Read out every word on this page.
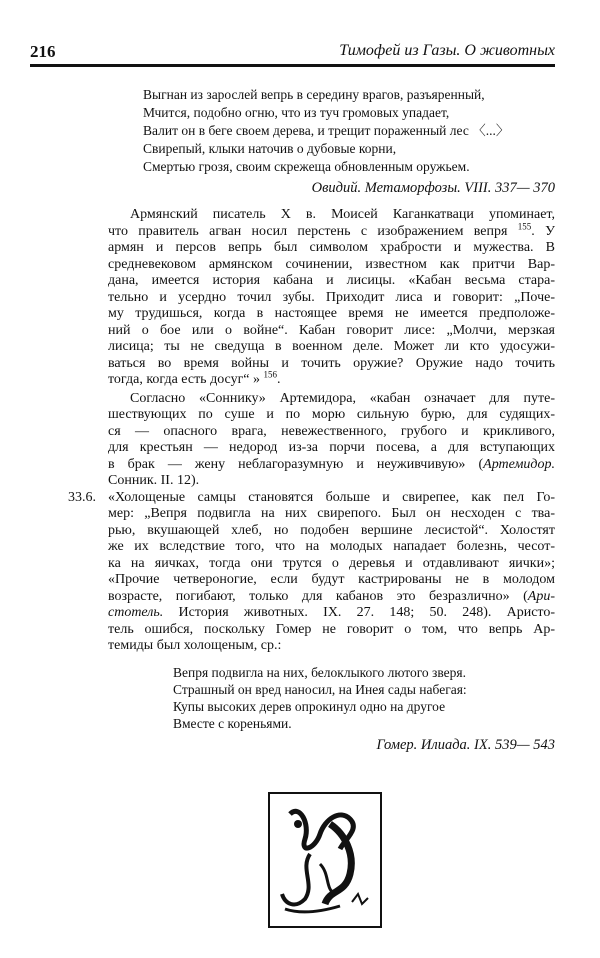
216	Тимофей из Газы. О животных
Выгнан из зарослей вепрь в середину врагов, разъяренный,
Мчится, подобно огню, что из туч громовых упадает,
Валит он в беге своем дерева, и трещит пораженный лес 〈...〉
Свирепый, клыки наточив о дубовые корни,
Смертью грозя, своим скрежеща обновленным оружьем.
Овидий. Метаморфозы. VIII. 337— 370
Армянский писатель X в. Моисей Каганкатваци упоминает,
что правитель агван носил перстень с изображением вепря $^{155}$. У
армян и персов вепрь был символом храбрости и мужества. В
средневековом армянском сочинении, известном как притчи Вар-
дана, имеется история кабана и лисицы. «Кабан весьма стара-
тельно и усердно точил зубы. Приходит лиса и говорит: „Поче-
му трудишься, когда в настоящее время не имеется предположе-
ний о бое или о войне“. Кабан говорит лисе: „Молчи, мерзкая
лисица; ты не сведуща в военном деле. Может ли кто удосужи-
ваться во время войны и точить оружие? Оружие надо точить
тогда, когда есть досуг“ » $^{156}$.
Согласно «Соннику» Артемидора, «кабан означает для путе-
шествующих по суше и по морю сильную бурю, для судящих-
ся — опасного врага, невежественного, грубого и крикливого,
для крестьян — недород из-за порчи посева, а для вступающих
в брак — жену неблагоразумную и неуживчивую» (Артемидор.
Сонник. II. 12).
33.6. «Холощеные самцы становятся больше и свирепее, как пел Го-
мер: „Вепря подвигла на них свирепого. Был он несходен с тва-
рью, вкушающей хлеб, но подобен вершине лесистой“. Холостят
же их вследствие того, что на молодых нападает болезнь, чесот-
ка на яичках, тогда они трутся о деревья и отдавливают яички»;
«Прочие четвероногие, если будут кастрированы не в молодом
возрасте, погибают, только для кабанов это безразлично» (Ари-
стотель. История животных. IX. 27. 148; 50. 248). Аристо-
тель ошибся, поскольку Гомер не говорит о том, что вепрь Ар-
темиды был холощеным, ср.:
Вепря подвигла на них, белоклыкого лютого зверя.
Страшный он вред наносил, на Инея сады набегая:
Купы высоких дерев опрокинул одно на другое
Вместе с кореньями.
Гомер. Илиада. IX. 539— 543
